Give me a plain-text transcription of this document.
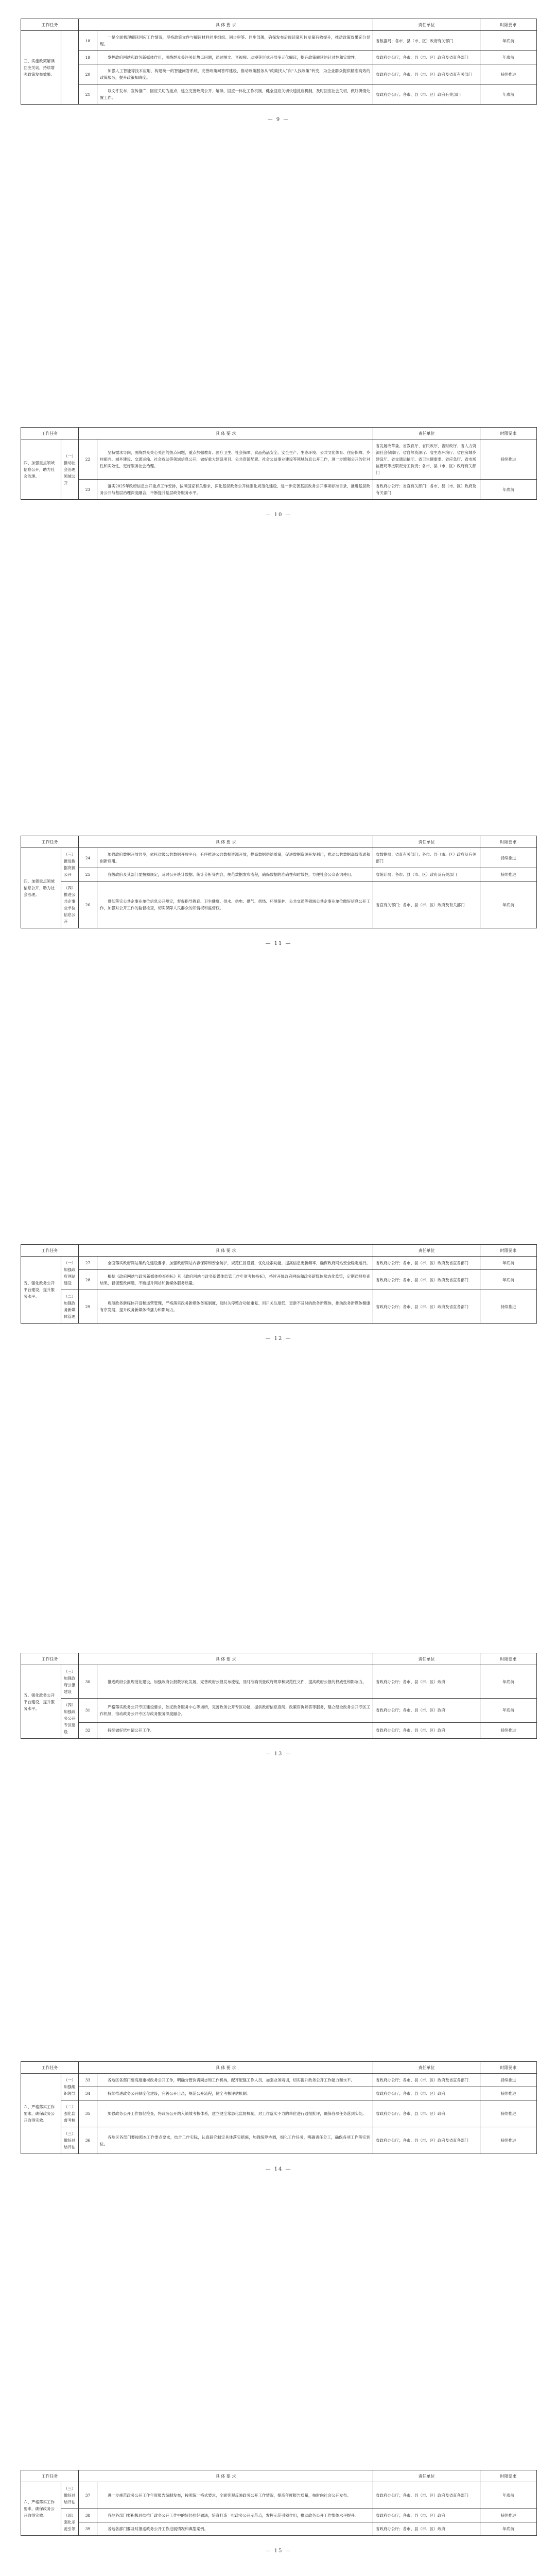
工作任务		具 体 要 求		责任单位	时限要求
三、实施政策解读回应关切，持续增强政策发布效果。		18	一是全面梳理解读回应工作情况，坚持政策文件与解读材料同步组织、同步审签、同步部署，确保发布后阅读量和转发量有效提升，推动政策效果充分显现。	省数据局；各市、县（市、区）政府有关部门	年底前
		19	发挥政府网站和政务新媒体作用，围绕群众关注关切热点问题，通过图文、音视频、动漫等形式开展多元化解读，提升政策解读的针对性和实效性。	省政府办公厅；各市、县（市、区）政府及省直各部门	年底前
		20	加强人工智能等技术应用，构建统一的智能问答系统，完善政策问答库建设，推动政策服务从“政策找人”向“人找政策”转变，为企业群众提供精准高效的政策服务，提升政策知晓度。	省政府办公厅；各市、县（市、区）政府及省直有关部门	持续推进
		21	以文件发布、宣传推广、回应关切为重点，建立完善政策公开、解读、回应一体化工作机制，健全回应关切快速反应机制，及时回应社会关切，做好舆情处置工作。	省政府办公厅；各市、县（市、区）政府有关部门	年底前
— 9 —
工作任务		具 体 要 求		责任单位	时限要求
四、加强重点领域信息公开，助力社会治理。	（一）推动社会治理领域公开	22	坚持需求导向，围绕群众关心关注的热点问题，重点加强教育、医疗卫生、社会保障、食品药品安全、安全生产、生态环境、公共文化体育、住房保障、乡村振兴、城乡建设、交通运输、社会救助等领域信息公开，做好重大建设项目、公共资源配置、社会公益事业建设等领域信息公开工作，进一步增强公开的针对性和实效性，更好服务社会治理。	省发展改革委、省教育厅、省民政厅、省财政厅、省人力资源社会保障厅、省自然资源厅、省生态环境厅、省住房城乡建设厅、省交通运输厅、省卫生健康委、省应急厅、省市场监管局等按职责分工负责；各市、县（市、区）政府有关部门	持续推进
		23	落实2025年政府信息公开重点工作安排，按照国家有关要求，深化基层政务公开标准化规范化建设，进一步完善基层政务公开事项标准目录，推进基层政务公开与基层治理深度融合，不断提升基层政务服务水平。	省政府办公厅；省直有关部门；各市、县（市、区）政府及有关部门	年底前
— 10 —
工作任务		具 体 要 求		责任单位	时限要求
四、加强重点领域信息公开，助力社会治理。	（三）推进数据资源公开	24	加强政府数据开放共享，依托省级公共数据开放平台，有序推进公共数据资源开放，提高数据供给质量，促进数据资源开发利用，推动公共数据高效流通和创新应用。	省数据局；省直有关部门；各市、县（市、区）政府及有关部门	持续推进
		25	各级政府及其部门要按照规定，及时公开统计数据、统计分析等内容，规范数据发布流程，确保数据的准确性和时效性，方便社会公众查询使用。	省统计局；各市、县（市、区）政府及有关部门	持续推进
	（四）推进公共企事业单位信息公开	26	贯彻落实公共企事业单位信息公开规定，督促指导教育、卫生健康、供水、供电、供气、供热、环境保护、公共交通等领域公共企事业单位做好信息公开工作，加强对公开工作的监督检查，切实保障人民群众的知情权和监督权。	省直有关部门；各市、县（市、区）政府及有关部门	年底前
— 11 —
工作任务		具 体 要 求		责任单位	时限要求
五、强化政务公开平台建设，提升服务水平。	（一）加强政府网站建设	27	全面落实政府网站集约化建设要求，加强政府网站内容保障和安全防护，规范栏目设置，优化检索功能，提高信息更新频率，确保政府网站安全稳定运行。	省政府办公厅；各市、县（市、区）政府及省直各部门	年底前
		28	根据《政府网站与政务新媒体检查指标》和《政府网站与政务新媒体监管工作年度考核指标》，持续开展政府网站和政务新媒体常态化监管，定期通报检查结果，督促整改问题，不断提升网站和新媒体服务质量。	省政府办公厅；各市、县（市、区）政府及省直各部门	年底前
	（二）加强政务新媒体管理	29	规范政务新媒体开设和运营管理，严格落实政务新媒体备案制度，及时关停整合功能重复、用户关注度低、更新不及时的政务新媒体，推动政务新媒体健康有序发展，提升政务新媒体传播力和影响力。	省政府办公厅；各市、县（市、区）政府及省直各部门	持续推进
— 12 —
工作任务		具 体 要 求		责任单位	时限要求
五、强化政务公开平台建设，提升服务水平。	（三）加强政府公报建设	30	推进政府公报规范化建设，加强政府公报数字化发展，完善政府公报发布流程，及时准确刊登政府规章和规范性文件，提高政府公报的权威性和影响力。	省政府办公厅；各市、县（市、区）政府	年底前
	（四）加强政务公开专区建设	31	严格落实政务公开专区建设要求，依托政务服务中心等场所，完善政务公开专区功能，提供政府信息查阅、政策咨询解答等服务，建立健全政务公开专区工作机制，推动政务公开专区与政务服务深度融合。	省政府办公厅；各市、县（市、区）政府	年底前
		32	持续做好依申请公开工作。	省政府办公厅；各市、县（市、区）政府	持续推进
— 13 —
工作任务		具 体 要 求		责任单位	时限要求
六、严格落实工作要求，确保政务公开取得实效。	（一）加强组织领导	33	各地区各部门要高度重视政务公开工作，明确分管负责同志和工作机构，配齐配强工作人员，加强业务培训，切实提升政务公开工作能力和水平。	省政府办公厅；各市、县（市、区）政府及省直各部门	持续推进
		34	持续推进政务公开制度化建设，完善公开目录，规范公开流程，健全考核评估机制。	省政府办公厅；各市、县（市、区）政府	持续推进
	（二）强化监督考核	35	加强政务公开工作督促检查，将政务公开纳入绩效考核体系，建立健全常态化监督机制，对工作落实不力的单位进行通报批评，确保各项任务落到实处。	省政府办公厅；各市、县（市、区）政府	持续推进
	（三）做好总结评估	36	各地区各部门要按照本工作要点要求，结合工作实际，认真研究制定具体落实措施，加强统筹协调，细化工作任务，明确责任分工，确保各项工作落实到位。	省政府办公厅；各市、县（市、区）政府及省直各部门	持续推进
— 14 —
工作任务		具 体 要 求		责任单位	时限要求
六、严格落实工作要求，确保政务公开取得实效。	（三）做好总结评估	37	进一步规范政务公开工作年度报告编制发布，按照统一格式要求，全面客观反映政务公开工作情况，提高年度报告质量，按时向社会公开发布。	省政府办公厅；各市、县（市、区）政府及省直各部门	年底前
	（四）强化示范引领	38	各地各部门要积极总结推广政务公开工作中的好经验好做法，培育打造一批政务公开示范点，发挥示范引领作用，推动政务公开工作整体水平提升。	省政府办公厅；各市、县（市、区）政府	持续推进
		39	各地各部门要及时报送政务公开工作进展情况和典型案例。	省政府办公厅；各市、县（市、区）政府	年底前
— 15 —
